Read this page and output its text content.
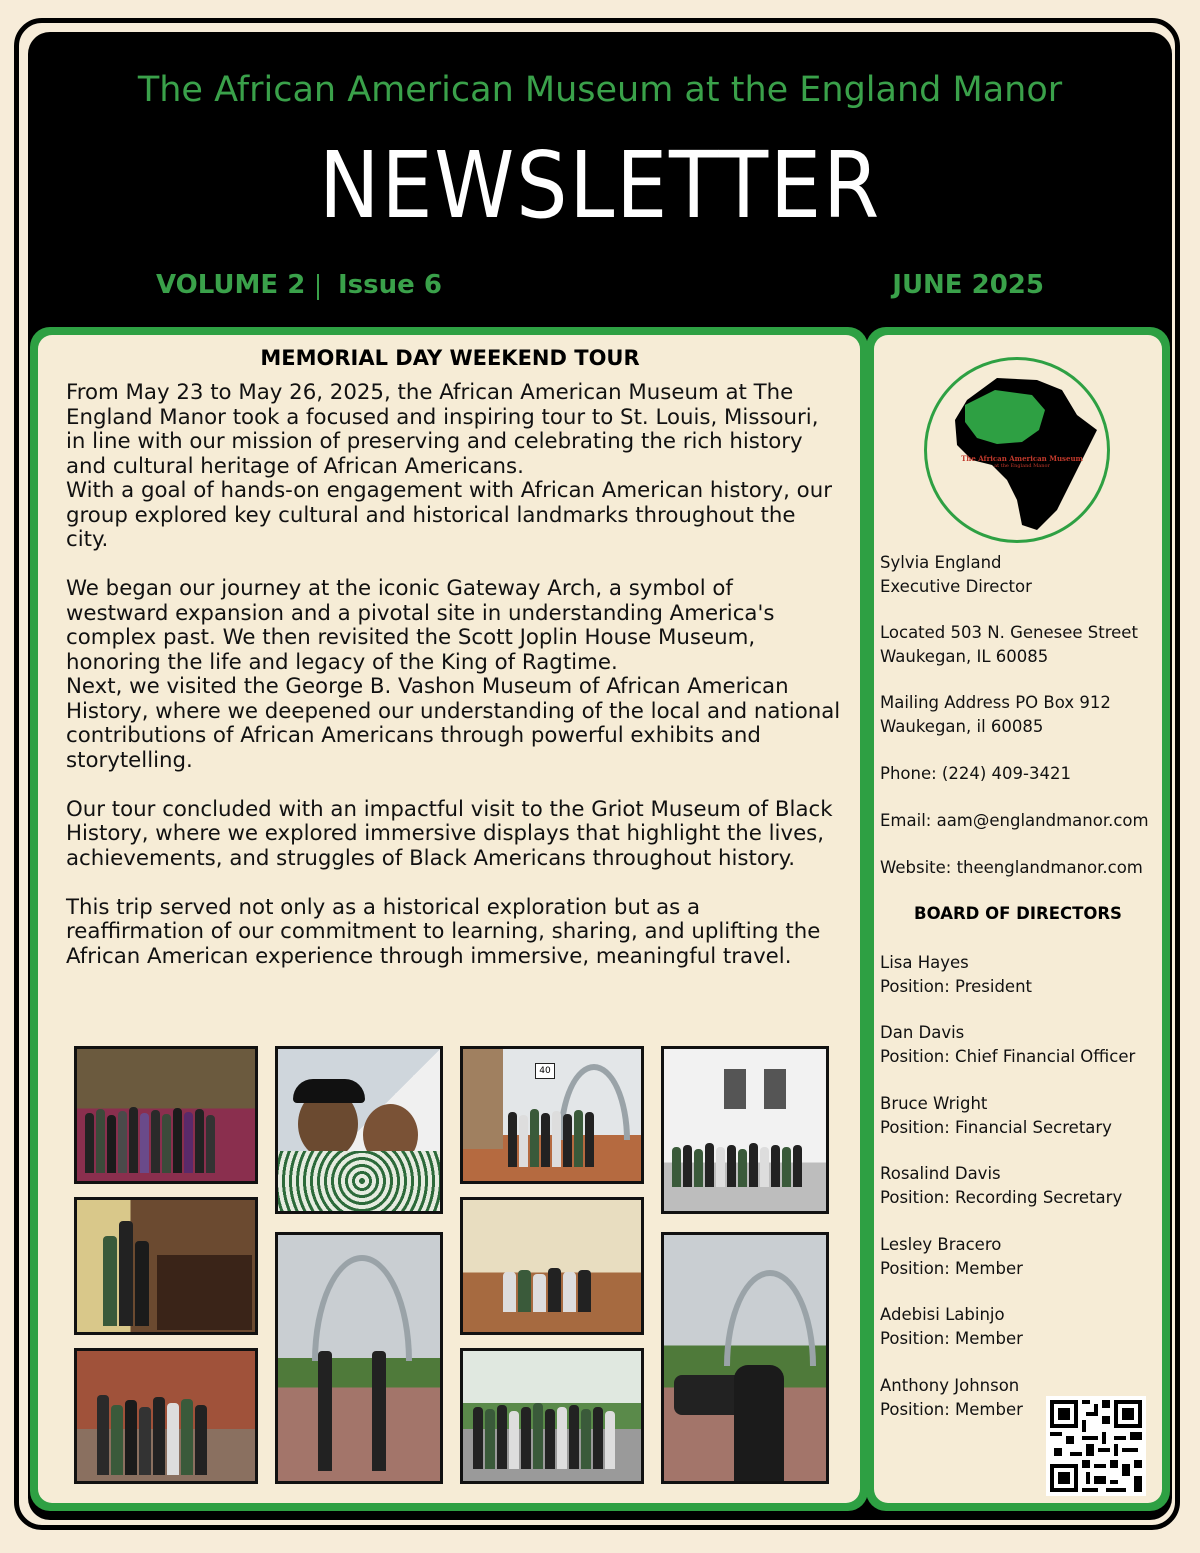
The African American Museum at the England Manor
NEWSLETTER
VOLUME 2 Issue 6	JUNE 2025
MEMORIAL DAY WEEKEND TOUR

From May 23 to May 26, 2025, the African American Museum at The England Manor took a focused and inspiring tour to St. Louis, Missouri, in line with our mission of preserving and celebrating the rich history and cultural heritage of African Americans.
With a goal of hands-on engagement with African American history, our group explored key cultural and historical landmarks throughout the city.

We began our journey at the iconic Gateway Arch, a symbol of westward expansion and a pivotal site in understanding America's complex past. We then revisited the Scott Joplin House Museum, honoring the life and legacy of the King of Ragtime.
Next, we visited the George B. Vashon Museum of African American History, where we deepened our understanding of the local and national contributions of African Americans through powerful exhibits and storytelling.

Our tour concluded with an impactful visit to the Griot Museum of Black History, where we explored immersive displays that highlight the lives, achievements, and struggles of Black Americans throughout history.

This trip served not only as a historical exploration but as a reaffirmation of our commitment to learning, sharing, and uplifting the African American experience through immersive, meaningful travel.

40
The African American Museum
at the England Manor
Sylvia England
Executive Director
Located 503 N. Genesee Street
Waukegan, IL 60085
Mailing Address PO Box 912
Waukegan, il 60085
Phone: (224) 409-3421
Email: aam@englandmanor.com
Website: theenglandmanor.com
BOARD OF DIRECTORS
Lisa Hayes
Position: President
Dan Davis
Position: Chief Financial Officer
Bruce Wright
Position: Financial Secretary
Rosalind Davis
Position: Recording Secretary
Lesley Bracero
Position: Member
Adebisi Labinjo
Position: Member
Anthony Johnson
Position: Member
